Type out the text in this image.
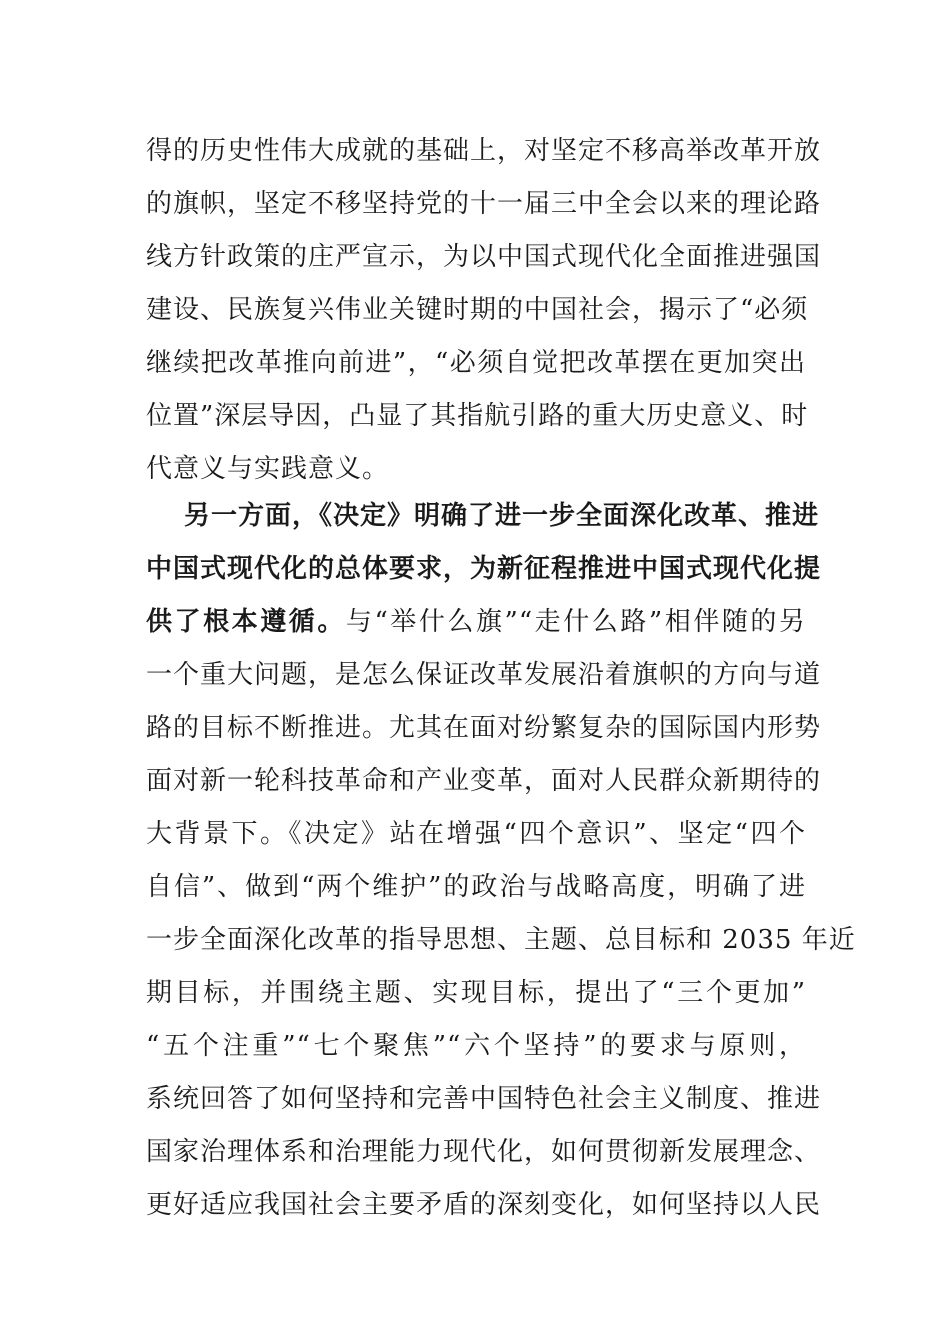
得的历史性伟大成就的基础上，对坚定不移高举改革开放
的旗帜，坚定不移坚持党的十一届三中全会以来的理论路
线方针政策的庄严宣示，为以中国式现代化全面推进强国
建设、民族复兴伟业关键时期的中国社会，揭示了“必须
继续把改革推向前进”，“必须自觉把改革摆在更加突出
位置”深层导因，凸显了其指航引路的重大历史意义、时
代意义与实践意义。
另一方面，《决定》明确了进一步全面深化改革、推进
中国式现代化的总体要求，为新征程推进中国式现代化提
供了根本遵循。与“举什么旗”“走什么路”相伴随的另
一个重大问题，是怎么保证改革发展沿着旗帜的方向与道
路的目标不断推进。尤其在面对纷繁复杂的国际国内形势
面对新一轮科技革命和产业变革，面对人民群众新期待的
大背景下。《决定》站在增强“四个意识”、坚定“四个
自信”、做到“两个维护”的政治与战略高度，明确了进
一步全面深化改革的指导思想、主题、总目标和 2035 年近
期目标，并围绕主题、实现目标，提出了“三个更加”
“五个注重”“七个聚焦”“六个坚持”的要求与原则，
系统回答了如何坚持和完善中国特色社会主义制度、推进
国家治理体系和治理能力现代化，如何贯彻新发展理念、
更好适应我国社会主要矛盾的深刻变化，如何坚持以人民
